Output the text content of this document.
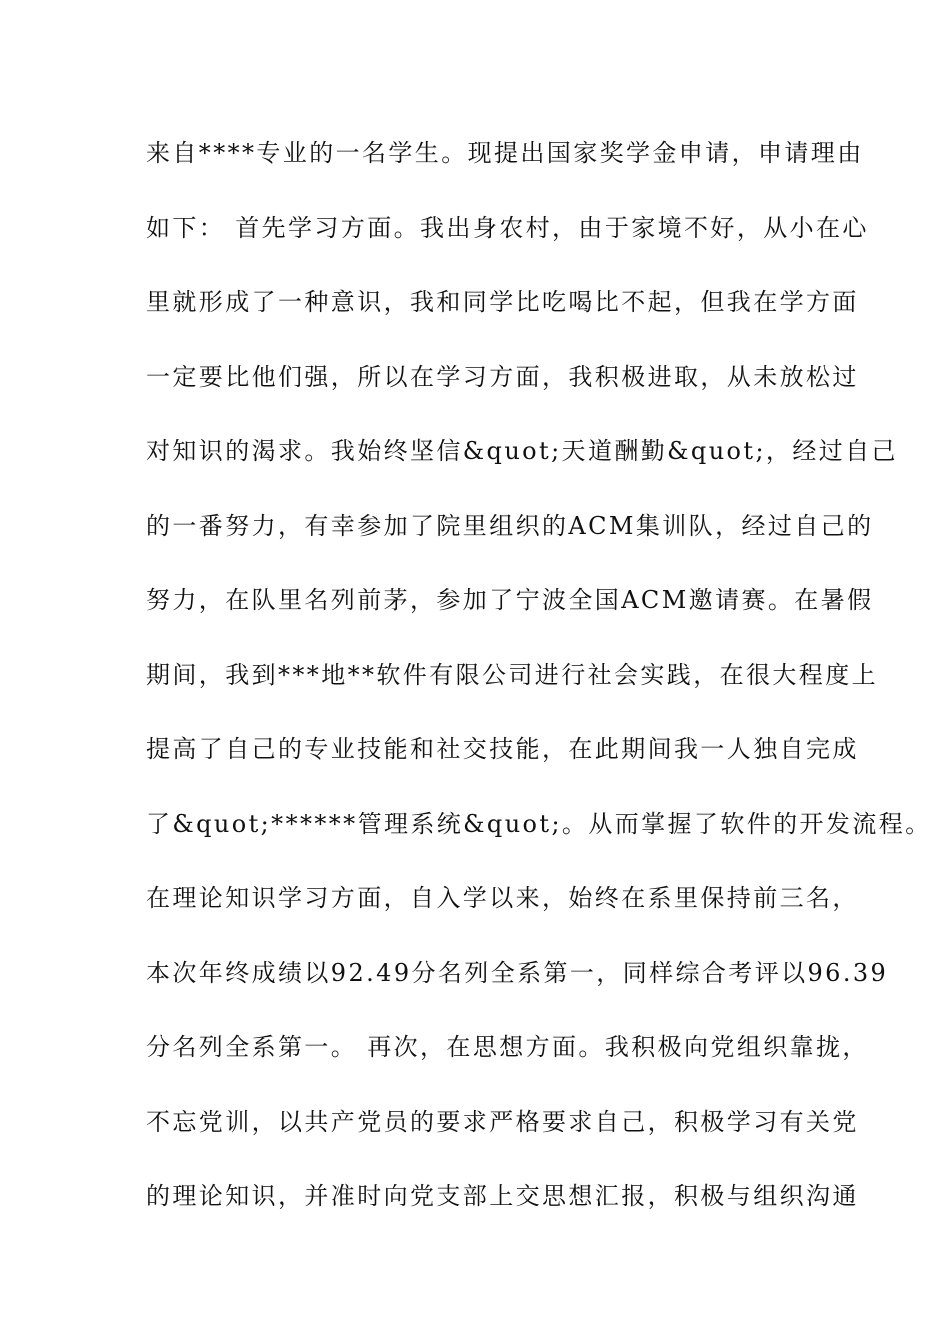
来自****专业的一名学生。现提出国家奖学金申请，申请理由
如下： 首先学习方面。我出身农村，由于家境不好，从小在心
里就形成了一种意识，我和同学比吃喝比不起，但我在学方面
一定要比他们强，所以在学习方面，我积极进取，从未放松过
对知识的渴求。我始终坚信&quot;天道酬勤&quot;，经过自己
的一番努力，有幸参加了院里组织的ACM集训队，经过自己的
努力，在队里名列前茅，参加了宁波全国ACM邀请赛。在暑假
期间，我到***地**软件有限公司进行社会实践，在很大程度上
提高了自己的专业技能和社交技能，在此期间我一人独自完成
了&quot;******管理系统&quot;。从而掌握了软件的开发流程。
在理论知识学习方面，自入学以来，始终在系里保持前三名，
本次年终成绩以92.49分名列全系第一，同样综合考评以96.39
分名列全系第一。 再次，在思想方面。我积极向党组织靠拢，
不忘党训，以共产党员的要求严格要求自己，积极学习有关党
的理论知识，并准时向党支部上交思想汇报，积极与组织沟通
